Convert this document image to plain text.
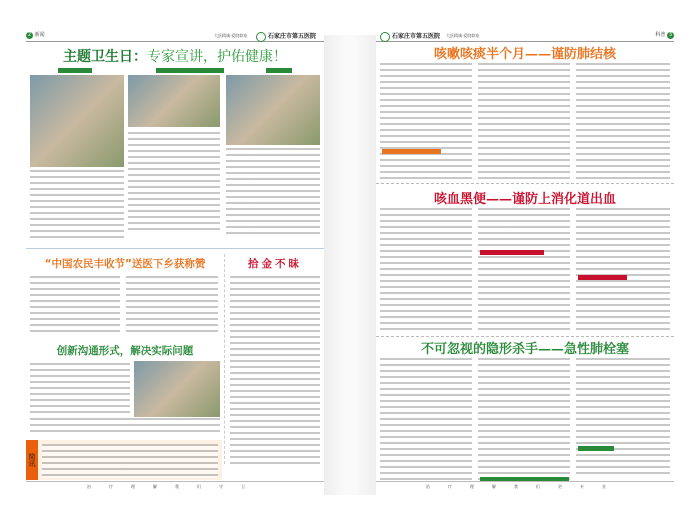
2 新闻	大医精诚·爱院如家	石家庄市第五医院
主题卫生日：专家宣讲，护佑健康！
“中国农民丰收节”送医下乡获称赞	拾金不昧
创新沟通形式，解决实际问题
简讯
治疗理解我们守卫
石家庄市第五医院 大医精诚·爱院如家	科普 3
咳嗽咳痰半个月——谨防肺结核
咳血黑便——谨防上消化道出血
不可忽视的隐形杀手——急性肺栓塞
治疗理解我们更专业
